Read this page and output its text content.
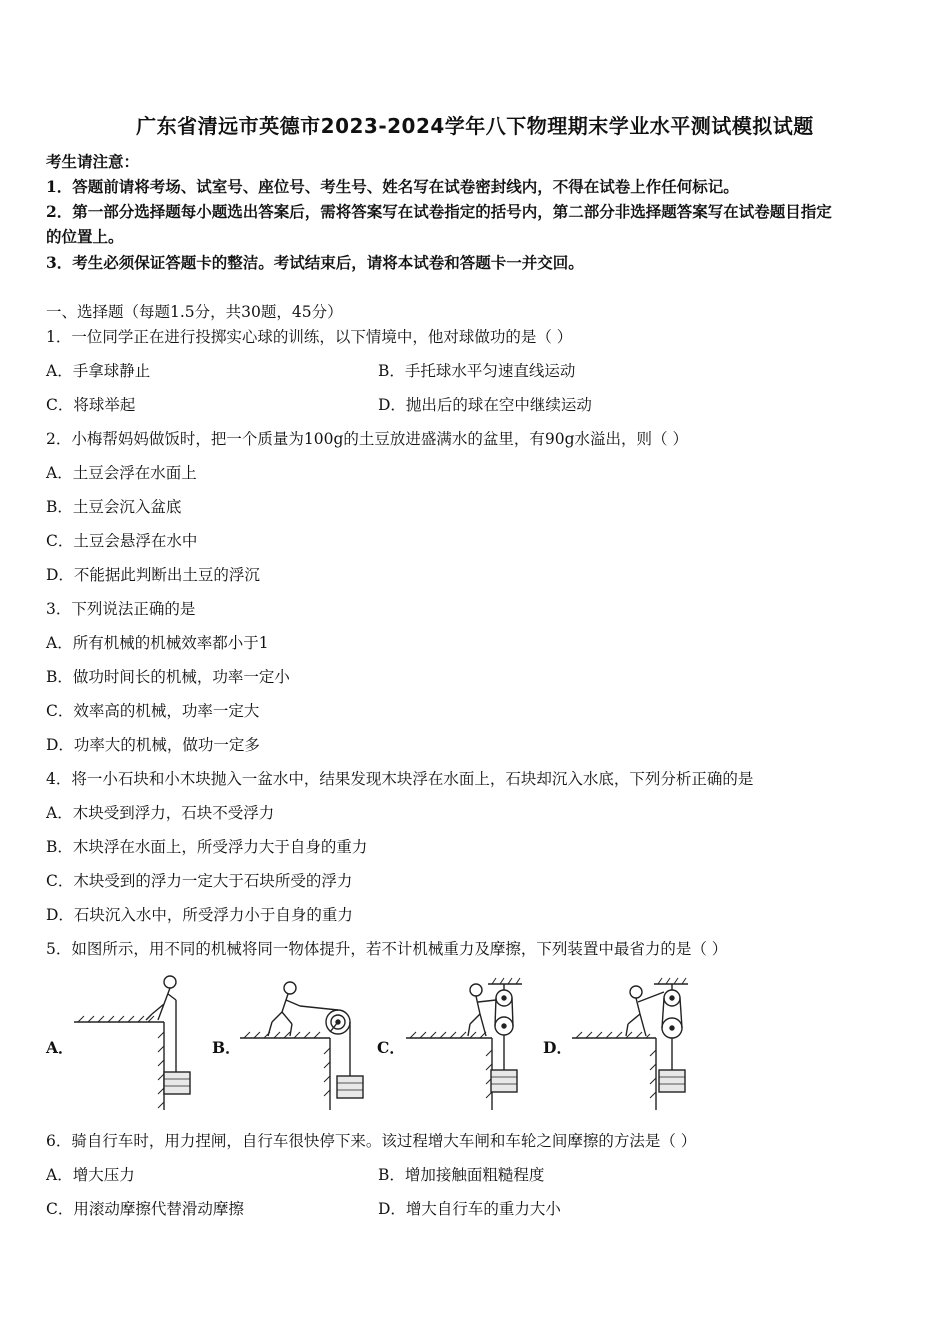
广东省清远市英德市2023-2024学年八下物理期末学业水平测试模拟试题
考生请注意：
1．答题前请将考场、试室号、座位号、考生号、姓名写在试卷密封线内，不得在试卷上作任何标记。
2．第一部分选择题每小题选出答案后，需将答案写在试卷指定的括号内，第二部分非选择题答案写在试卷题目指定
的位置上。
3．考生必须保证答题卡的整洁。考试结束后，请将本试卷和答题卡一并交回。
一、选择题（每题1.5分，共30题，45分）
1．一位同学正在进行投掷实心球的训练，以下情境中，他对球做功的是（ ）
A．手拿球静止	B．手托球水平匀速直线运动
C．将球举起	D．抛出后的球在空中继续运动
2．小梅帮妈妈做饭时，把一个质量为100g的土豆放进盛满水的盆里，有90g水溢出，则（ ）
A．土豆会浮在水面上
B．土豆会沉入盆底
C．土豆会悬浮在水中
D．不能据此判断出土豆的浮沉
3．下列说法正确的是
A．所有机械的机械效率都小于1
B．做功时间长的机械，功率一定小
C．效率高的机械，功率一定大
D．功率大的机械，做功一定多
4．将一小石块和小木块抛入一盆水中，结果发现木块浮在水面上，石块却沉入水底，下列分析正确的是
A．木块受到浮力，石块不受浮力
B．木块浮在水面上，所受浮力大于自身的重力
C．木块受到的浮力一定大于石块所受的浮力
D．石块沉入水中，所受浮力小于自身的重力
5．如图所示，用不同的机械将同一物体提升，若不计机械重力及摩擦，下列装置中最省力的是（ ）
A．	B．	C．	D．
6．骑自行车时，用力捏闸，自行车很快停下来。该过程增大车闸和车轮之间摩擦的方法是（ ）
A．增大压力	B．增加接触面粗糙程度
C．用滚动摩擦代替滑动摩擦	D．增大自行车的重力大小
